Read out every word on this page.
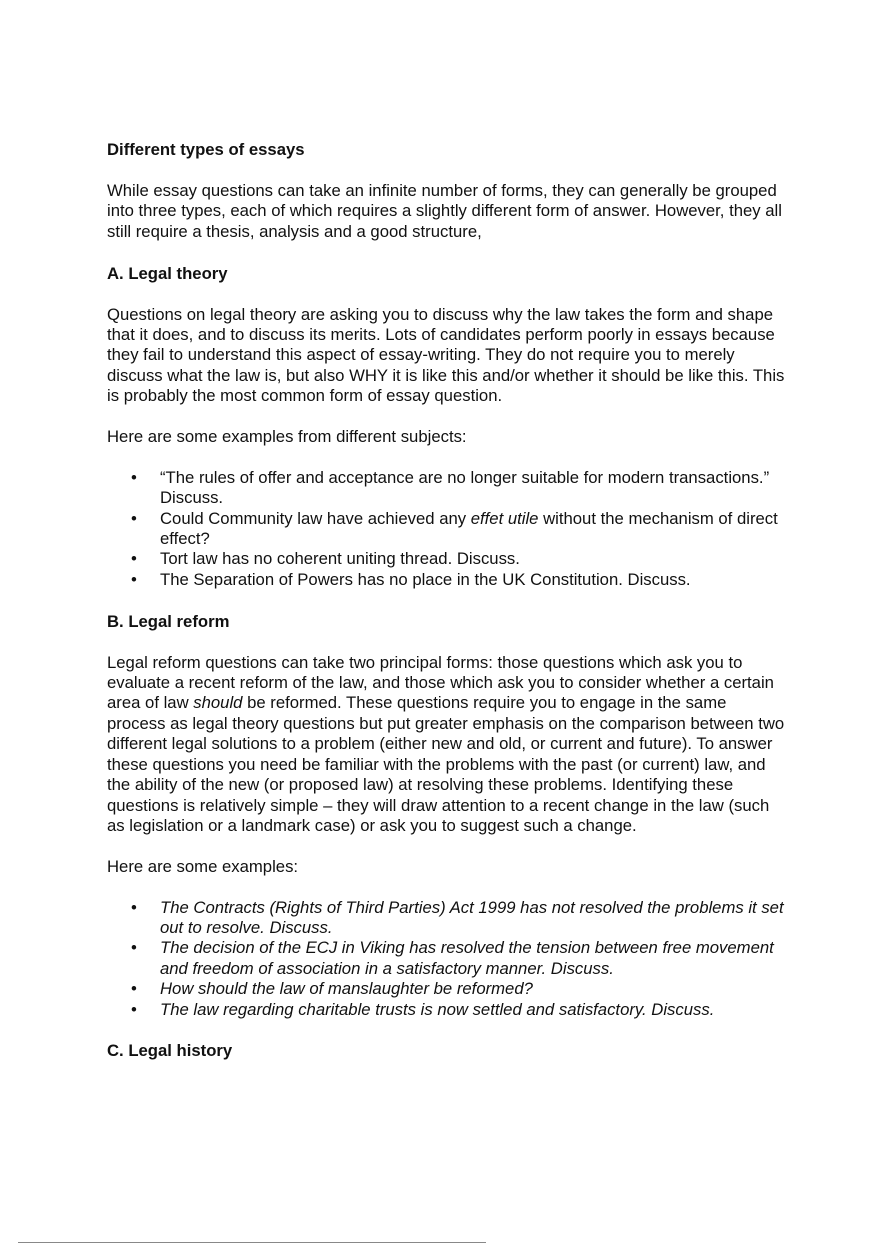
Different types of essays

While essay questions can take an infinite number of forms, they can generally be grouped into three types, each of which requires a slightly different form of answer. However, they all still require a thesis, analysis and a good structure,

A. Legal theory

Questions on legal theory are asking you to discuss why the law takes the form and shape that it does, and to discuss its merits. Lots of candidates perform poorly in essays because they fail to understand this aspect of essay-writing. They do not require you to merely discuss what the law is, but also WHY it is like this and/or whether it should be like this. This is probably the most common form of essay question.

Here are some examples from different subjects:

• “The rules of offer and acceptance are no longer suitable for modern transactions.” Discuss.
• Could Community law have achieved any effet utile without the mechanism of direct effect?
• Tort law has no coherent uniting thread. Discuss.
• The Separation of Powers has no place in the UK Constitution. Discuss.
B. Legal reform

Legal reform questions can take two principal forms: those questions which ask you to evaluate a recent reform of the law, and those which ask you to consider whether a certain area of law should be reformed. These questions require you to engage in the same process as legal theory questions but put greater emphasis on the comparison between two different legal solutions to a problem (either new and old, or current and future). To answer these questions you need be familiar with the problems with the past (or current) law, and the ability of the new (or proposed law) at resolving these problems. Identifying these questions is relatively simple – they will draw attention to a recent change in the law (such as legislation or a landmark case) or ask you to suggest such a change.

Here are some examples:

• The Contracts (Rights of Third Parties) Act 1999 has not resolved the problems it set out to resolve. Discuss.
• The decision of the ECJ in Viking has resolved the tension between free movement and freedom of association in a satisfactory manner. Discuss.
• How should the law of manslaughter be reformed?
• The law regarding charitable trusts is now settled and satisfactory. Discuss.
C. Legal history
